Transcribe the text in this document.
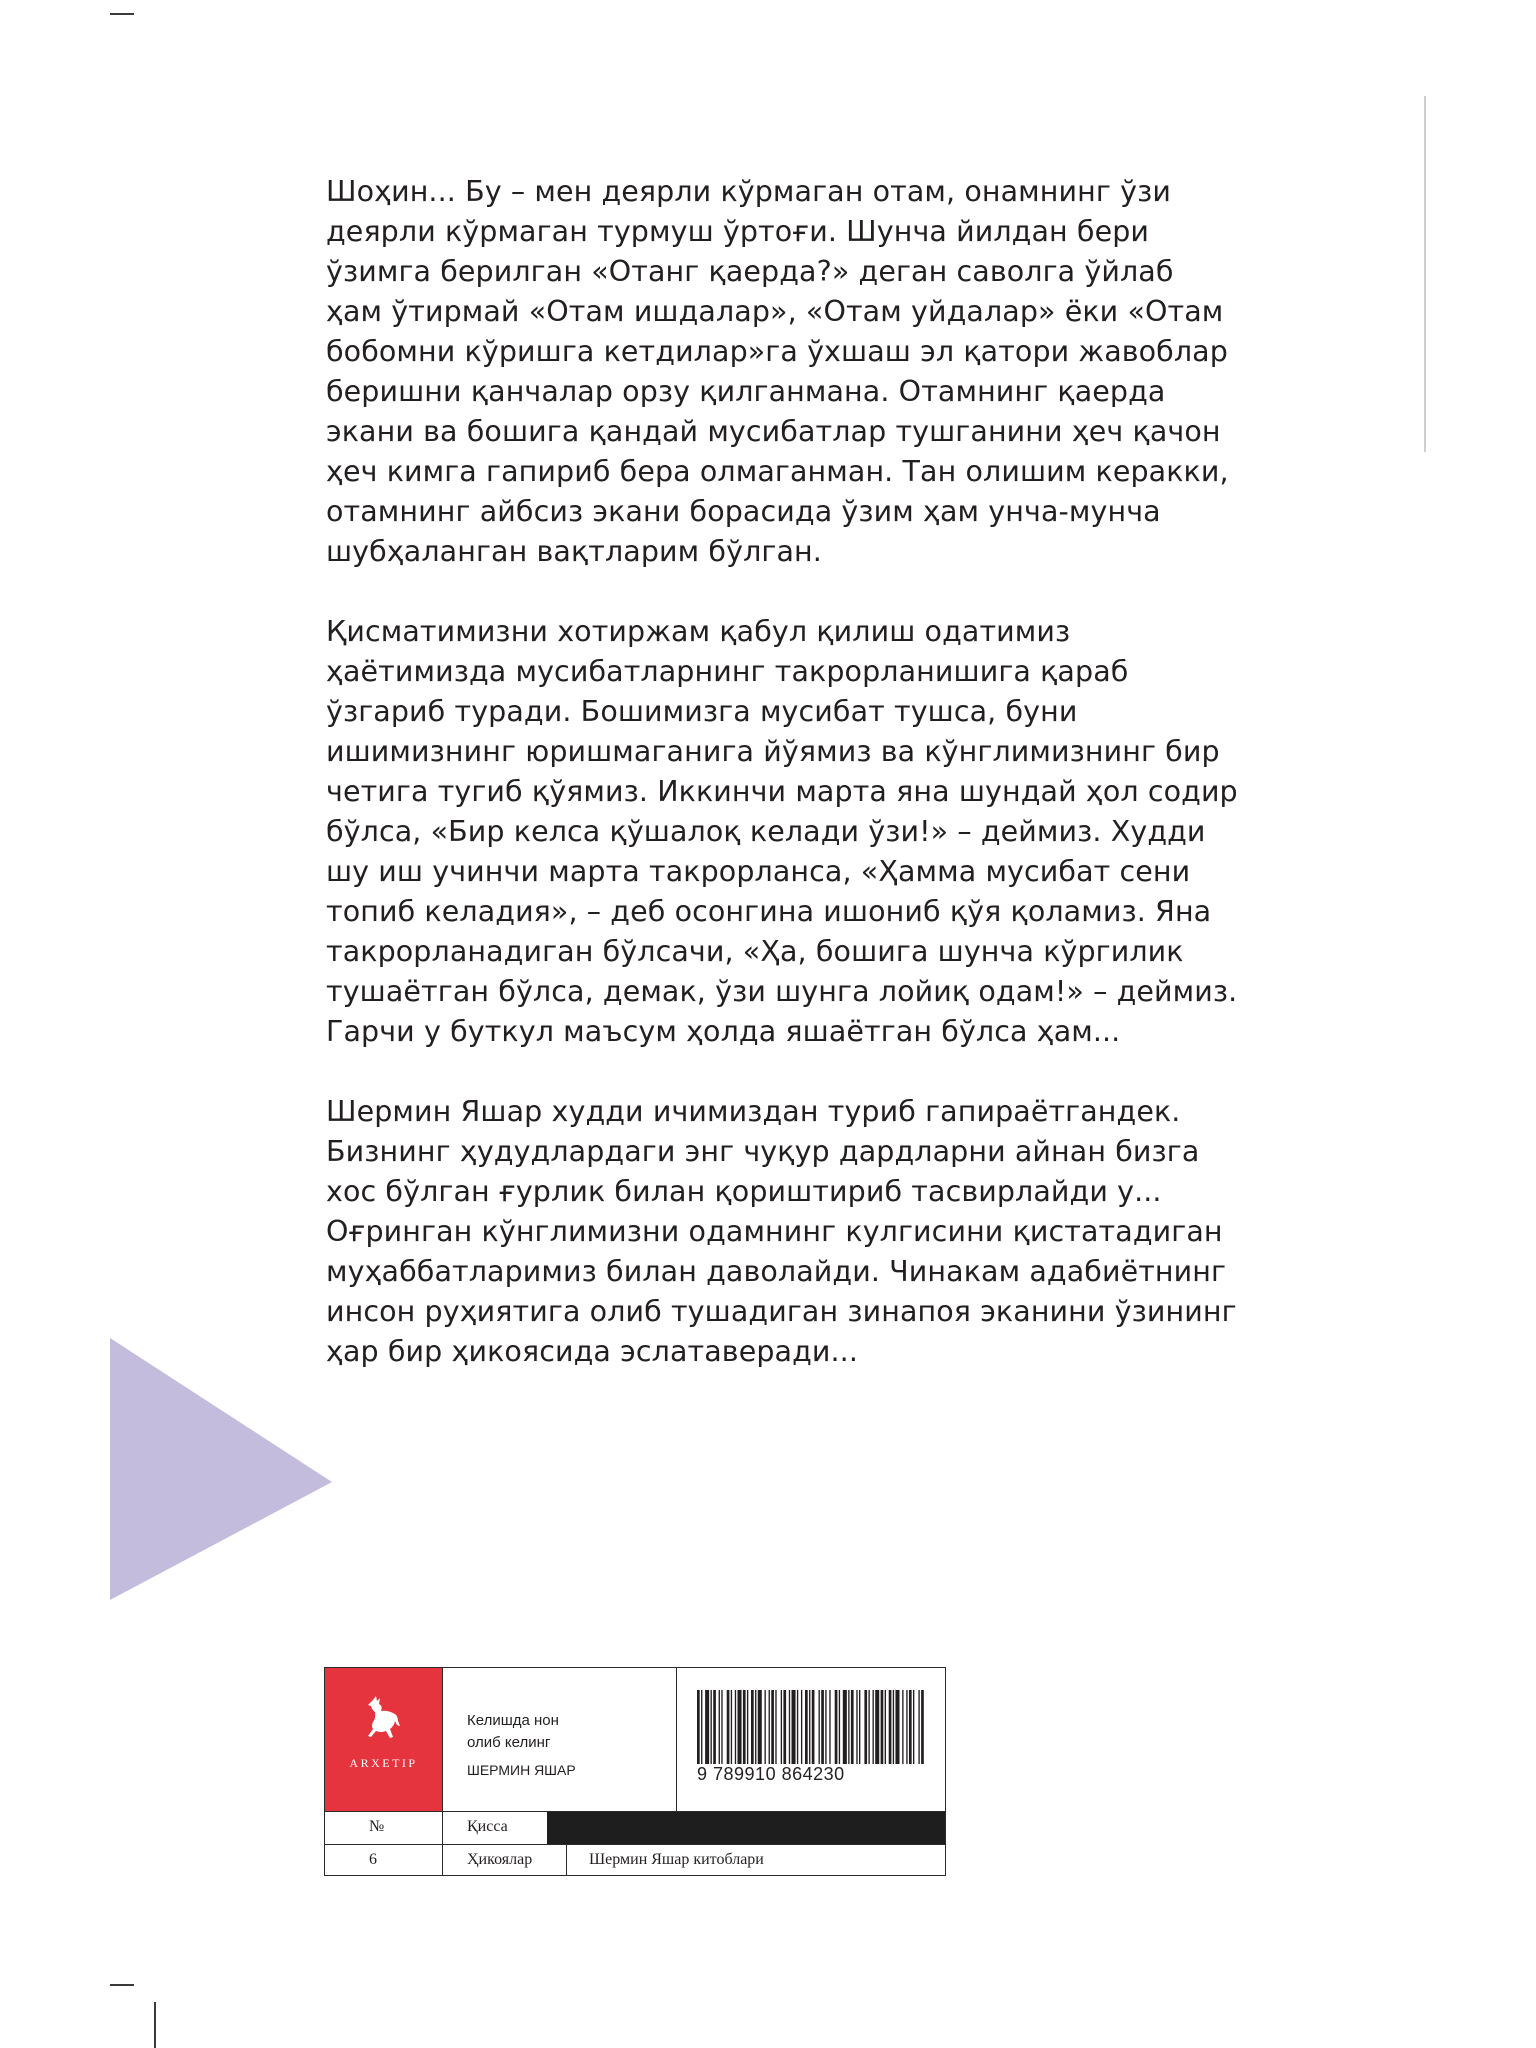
Шоҳин... Бу – мен деярли кўрмаган отам, онамнинг ўзи
деярли кўрмаган турмуш ўртоғи. Шунча йилдан бери
ўзимга берилган «Отанг қаерда?» деган саволга ўйлаб
ҳам ўтирмай «Отам ишдалар», «Отам уйдалар» ёки «Отам
бобомни кўришга кетдилар»га ўхшаш эл қатори жавоблар
беришни қанчалар орзу қилганмана. Отамнинг қаерда
экани ва бошига қандай мусибатлар тушганини ҳеч қачон
ҳеч кимга гапириб бера олмаганман. Тан олишим керакки,
отамнинг айбсиз экани борасида ўзим ҳам унча-мунча
шубҳаланган вақтларим бўлган.

Қисматимизни хотиржам қабул қилиш одатимиз
ҳаётимизда мусибатларнинг такрорланишига қараб
ўзгариб туради. Бошимизга мусибат тушса, буни
ишимизнинг юришмаганига йўямиз ва кўнглимизнинг бир
четига тугиб қўямиз. Иккинчи марта яна шундай ҳол содир
бўлса, «Бир келса қўшалоқ келади ўзи!» – деймиз. Худди
шу иш учинчи марта такрорланса, «Ҳамма мусибат сени
топиб келадия», – деб осонгина ишониб қўя қоламиз. Яна
такрорланадиган бўлсачи, «Ҳа, бошига шунча кўргилик
тушаётган бўлса, демак, ўзи шунга лойиқ одам!» – деймиз.
Гарчи у буткул маъсум ҳолда яшаётган бўлса ҳам...

Шермин Яшар худди ичимиздан туриб гапираётгандек.
Бизнинг ҳудудлардаги энг чуқур дардларни айнан бизга
хос бўлган ғурлик билан қориштириб тасвирлайди у...
Оғринган кўнглимизни одамнинг кулгисини қистатадиган
муҳаббатларимиз билан даволайди. Чинакам адабиётнинг
инсон руҳиятига олиб тушадиган зинапоя эканини ўзининг
ҳар бир ҳикоясида эслатаверади...

ARXETIP
Келишда нон
олиб келинг
ШЕРМИН ЯШАР	9 789910 864230
№	Қисса
6	Ҳикоялар	Шермин Яшар китоблари
